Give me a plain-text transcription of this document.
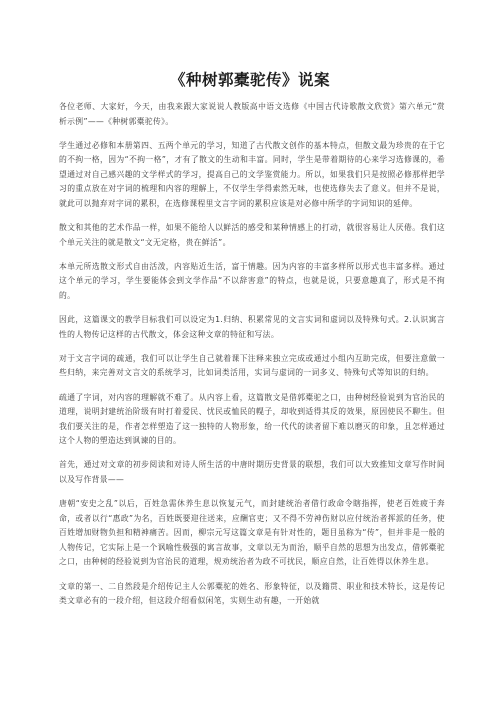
《种树郭橐驼传》说案

各位老师、大家好，今天，由我来跟大家说说人教版高中语文选修《中国古代诗歌散文欣赏》第六单元“赏析示例”——《种树郭橐驼传》。

学生通过必修和本册第四、五两个单元的学习，知道了古代散文创作的基本特点，但散文最为珍贵的在于它的不拘一格，因为“不拘一格”，才有了散文的生动和丰富。同时，学生是带着期待的心来学习选修课的，希望通过对自己感兴趣的文学样式的学习，提高自己的文学鉴赏能力。所以，如果我们只是按照必修那样把学习的重点放在对字词的梳理和内容的理解上，不仅学生学得索然无味，也使选修失去了意义。但并不是说，就此可以抛弃对字词的累积，在选修课程里文言字词的累积应该是对必修中所学的字词知识的延伸。

散文和其他的艺术作品一样，如果不能给人以鲜活的感受和某种情感上的打动，就很容易让人厌倦。我们这个单元关注的就是散文“文无定格，贵在鲜活”。

本单元所选散文形式自由活泼，内容贴近生活，富于情趣。因为内容的丰富多样所以形式也丰富多样。通过这个单元的学习，学生要能体会到文学作品“不以辞害意”的特点，也就是说，只要意趣真了，形式是不拘的。

因此，这篇课文的教学目标我们可以设定为1.归纳、积累常见的文言实词和虚词以及特殊句式。2.认识寓言性的人物传记这样的古代散文，体会这种文章的特征和写法。

对于文言字词的疏通，我们可以让学生自己就着课下注释来独立完成或通过小组内互助完成，但要注意做一些归纳，来完善对文言文的系统学习，比如词类活用，实词与虚词的一词多义、特殊句式等知识的归纳。

疏通了字词，对内容的理解就不难了。从内容上看，这篇散文是借郭橐驼之口，由种树经验说到为官治民的道理，说明封建统治阶级有时打着爱民、忧民或恤民的幌子，却收到适得其反的效果，原因使民不聊生。但我们要关注的是，作者怎样塑造了这一独特的人物形象，给一代代的读者留下难以磨灭的印象，且怎样通过这个人物的塑造达到讽谏的目的。

首先，通过对文章的初步阅读和对诗人所生活的中唐时期历史背景的联想，我们可以大致推知文章写作时间以及写作背景——

唐朝“安史之乱”以后，百姓急需休养生息以恢复元气，而封建统治者借行政命令瞎指挥，使老百姓疲于奔命，或者以行“惠政”为名，百姓既要迎往送来，应酬官吏；又不得不劳神伤财以应付统治者挥派的任务，使百姓增加财物负担和精神痛苦。因而，柳宗元写这篇文章是有针对性的，题目虽称为“传”，但并非是一般的人物传记，它实际上是一个讽喻性极强的寓言故事，文章以无为而治，顺乎自然的思想为出发点，借郭橐驼之口，由种树的经验说到为官治民的道理，规劝统治者为政不可扰民，顺应自然，让百姓得以休养生息。

文章的第一、二自然段是介绍传记主人公郭橐驼的姓名、形象特征，以及籍贯、职业和技术特长，这是传记类文章必有的一段介绍，但这段介绍看似闲笔，实则生动有趣，一开始就
